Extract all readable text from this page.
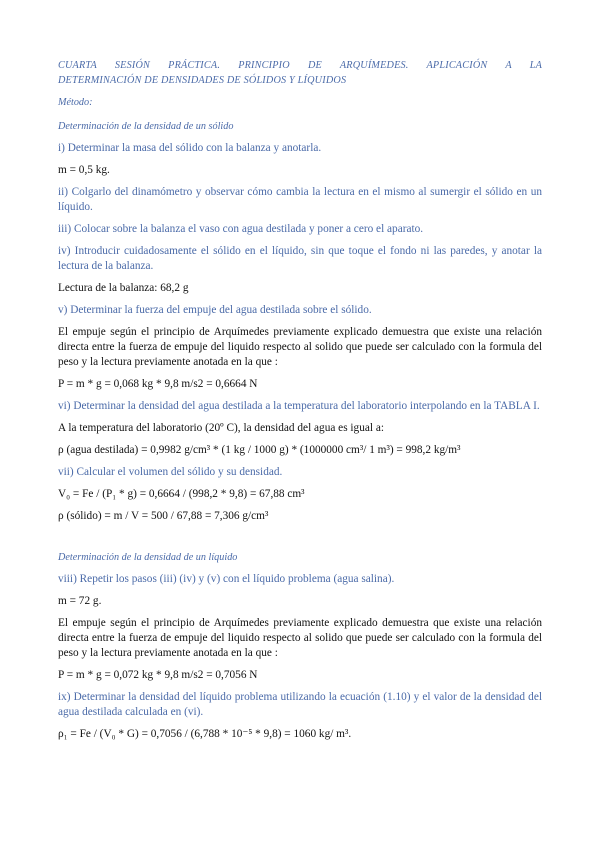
CUARTA SESIÓN PRÁCTICA. PRINCIPIO DE ARQUÍMEDES. APLICACIÓN A LA
DETERMINACIÓN DE DENSIDADES DE SÓLIDOS Y LÍQUIDOS

Método:

Determinación de la densidad de un sólido

i) Determinar la masa del sólido con la balanza y anotarla.

m = 0,5 kg.

ii) Colgarlo del dinamómetro y observar cómo cambia la lectura en el mismo al sumergir el sólido en un líquido.

iii) Colocar sobre la balanza el vaso con agua destilada y poner a cero el aparato.

iv) Introducir cuidadosamente el sólido en el líquido, sin que toque el fondo ni las paredes, y anotar la lectura de la balanza.

Lectura de la balanza: 68,2 g

v) Determinar la fuerza del empuje del agua destilada sobre el sólido.

El empuje según el principio de Arquímedes previamente explicado demuestra que existe una relación directa entre la fuerza de empuje del liquido respecto al solido que puede ser calculado con la formula del peso y la lectura previamente anotada en la que :

P = m * g = 0,068 kg * 9,8 m/s2 = 0,6664 N

vi) Determinar la densidad del agua destilada a la temperatura del laboratorio interpolando en la TABLA I.

A la temperatura del laboratorio (20º C), la densidad del agua es igual a:

ρ (agua destilada) = 0,9982 g/cm³ * (1 kg / 1000 g) * (1000000 cm³/ 1 m³) = 998,2 kg/m³

vii) Calcular el volumen del sólido y su densidad.

V₀ = Fe / (P₁ * g) = 0,6664 / (998,2 * 9,8) = 67,88 cm³

ρ (sólido) = m / V = 500 / 67,88 = 7,306 g/cm³

Determinación de la densidad de un líquido

viii) Repetir los pasos (iii) (iv) y (v) con el líquido problema (agua salina).

m = 72 g.

El empuje según el principio de Arquímedes previamente explicado demuestra que existe una relación directa entre la fuerza de empuje del liquido respecto al solido que puede ser calculado con la formula del peso y la lectura previamente anotada en la que :

P = m * g = 0,072 kg * 9,8 m/s2 = 0,7056 N

ix) Determinar la densidad del líquido problema utilizando la ecuación (1.10) y el valor de la densidad del agua destilada calculada en (vi).

ρ₁ = Fe / (V₀ * G) = 0,7056 / (6,788 * 10⁻⁵ * 9,8) = 1060 kg/ m³.
